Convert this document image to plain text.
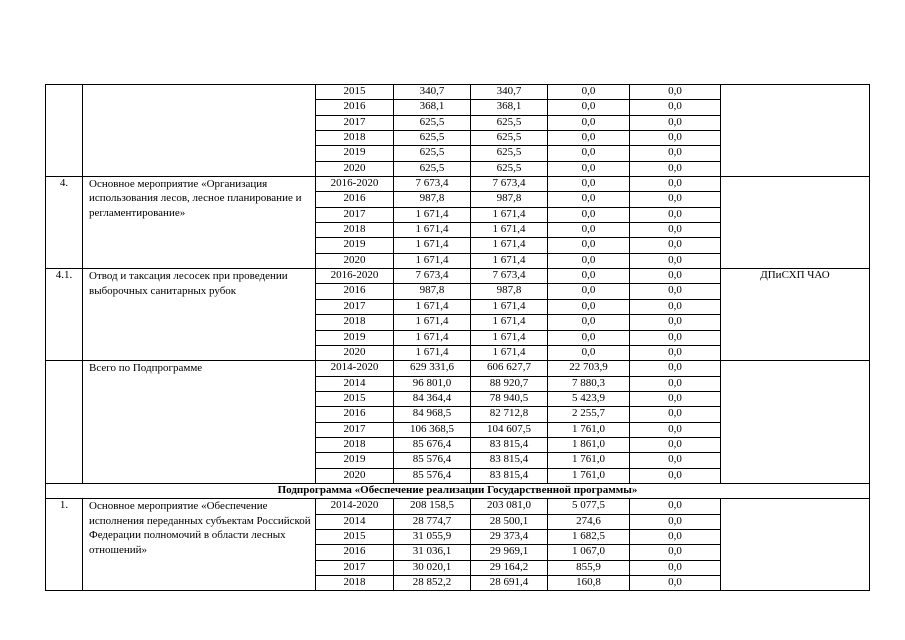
		2015	340,7	340,7	0,0	0,0	
		2016	368,1	368,1	0,0	0,0	
		2017	625,5	625,5	0,0	0,0	
		2018	625,5	625,5	0,0	0,0	
		2019	625,5	625,5	0,0	0,0	
		2020	625,5	625,5	0,0	0,0	
4.	Основное мероприятие «Организация использования лесов, лесное планирование и регламентирование»	2016-2020	7 673,4	7 673,4	0,0	0,0	
		2016	987,8	987,8	0,0	0,0	
		2017	1 671,4	1 671,4	0,0	0,0	
		2018	1 671,4	1 671,4	0,0	0,0	
		2019	1 671,4	1 671,4	0,0	0,0	
		2020	1 671,4	1 671,4	0,0	0,0	
4.1.	Отвод и таксация лесосек при проведении выборочных санитарных рубок	2016-2020	7 673,4	7 673,4	0,0	0,0	ДПиСХП ЧАО
		2016	987,8	987,8	0,0	0,0	
		2017	1 671,4	1 671,4	0,0	0,0	
		2018	1 671,4	1 671,4	0,0	0,0	
		2019	1 671,4	1 671,4	0,0	0,0	
		2020	1 671,4	1 671,4	0,0	0,0	
	Всего по Подпрограмме	2014-2020	629 331,6	606 627,7	22 703,9	0,0	
		2014	96 801,0	88 920,7	7 880,3	0,0	
		2015	84 364,4	78 940,5	5 423,9	0,0	
		2016	84 968,5	82 712,8	2 255,7	0,0	
		2017	106 368,5	104 607,5	1 761,0	0,0	
		2018	85 676,4	83 815,4	1 861,0	0,0	
		2019	85 576,4	83 815,4	1 761,0	0,0	
		2020	85 576,4	83 815,4	1 761,0	0,0	
Подпрограмма «Обеспечение реализации Государственной программы»							
1.	Основное мероприятие «Обеспечение исполнения переданных субъектам Российской Федерации полномочий в области лесных отношений»	2014-2020	208 158,5	203 081,0	5 077,5	0,0	
		2014	28 774,7	28 500,1	274,6	0,0	
		2015	31 055,9	29 373,4	1 682,5	0,0	
		2016	31 036,1	29 969,1	1 067,0	0,0	
		2017	30 020,1	29 164,2	855,9	0,0	
		2018	28 852,2	28 691,4	160,8	0,0	
